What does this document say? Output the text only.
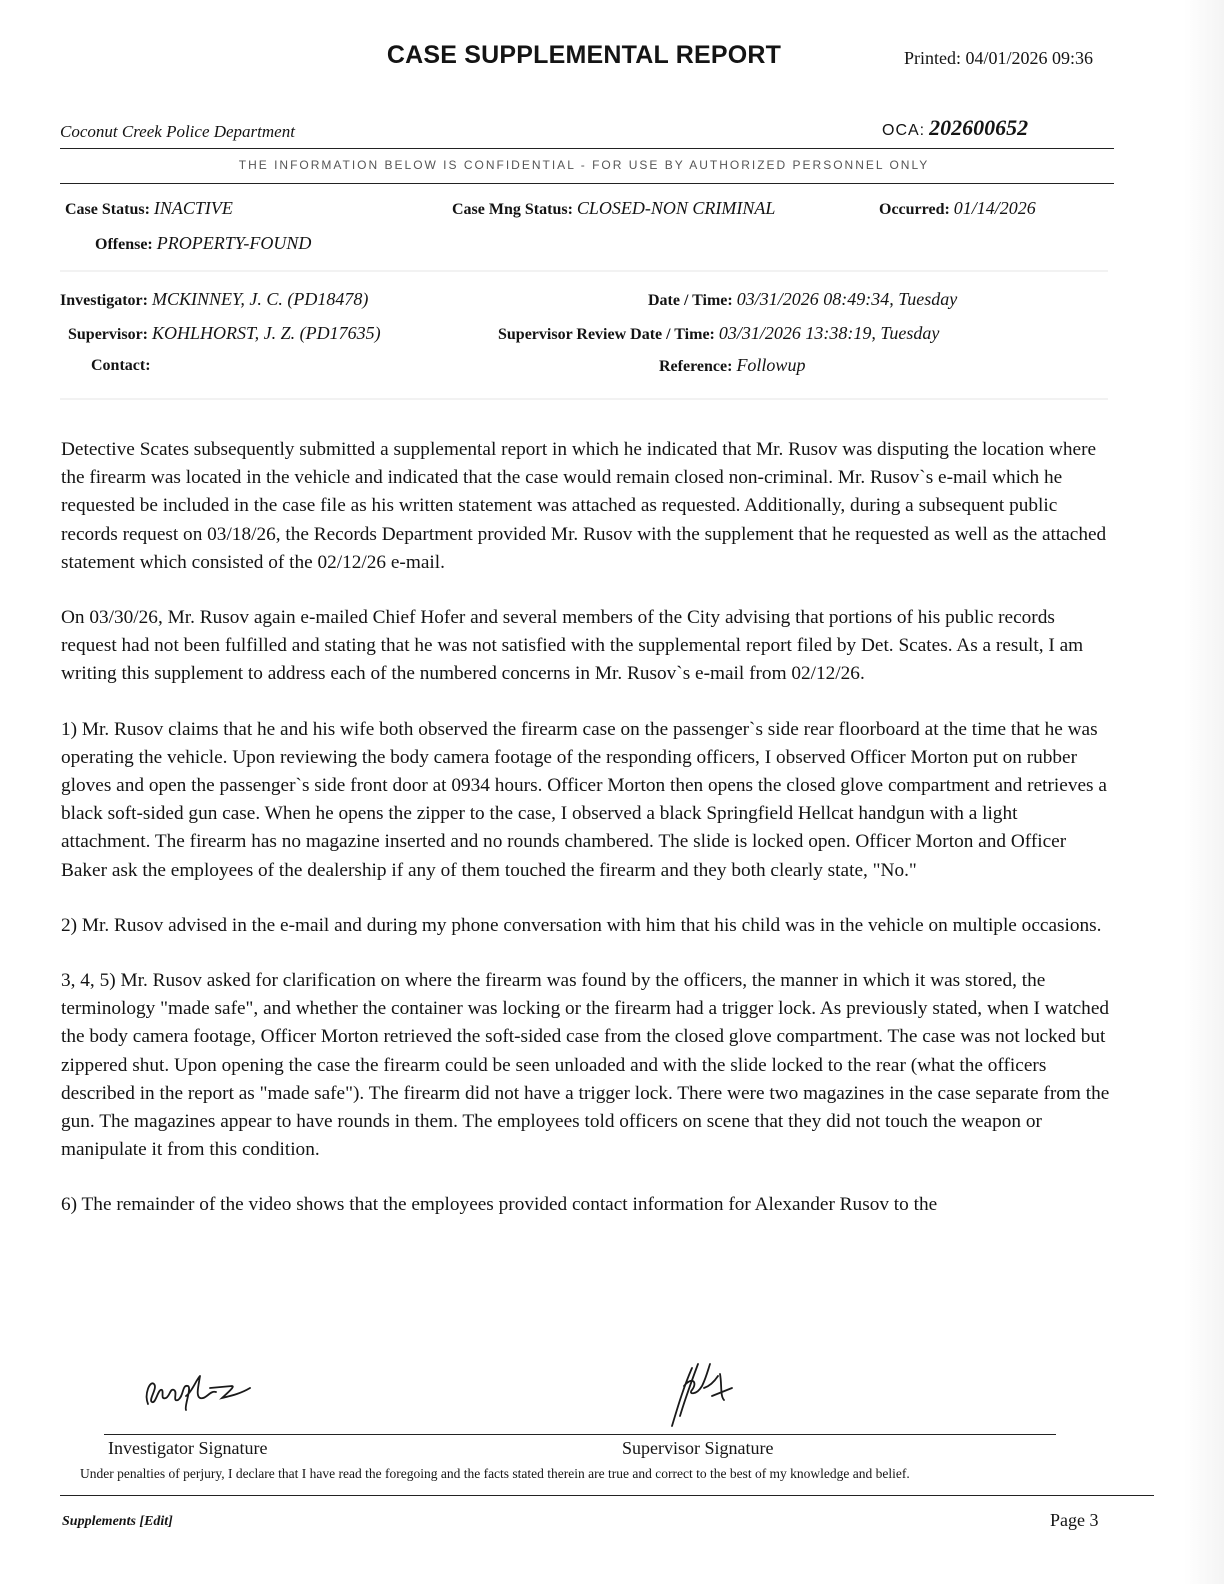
CASE SUPPLEMENTAL REPORT	Printed: 04/01/2026 09:36
Coconut Creek Police Department	OCA: 202600652
THE INFORMATION BELOW IS CONFIDENTIAL - FOR USE BY AUTHORIZED PERSONNEL ONLY
Case Status: INACTIVE	Case Mng Status: CLOSED-NON CRIMINAL	Occurred: 01/14/2026
Offense: PROPERTY-FOUND
Investigator: MCKINNEY, J. C. (PD18478)	Date / Time: 03/31/2026 08:49:34, Tuesday
Supervisor: KOHLHORST, J. Z. (PD17635)	Supervisor Review Date / Time: 03/31/2026 13:38:19, Tuesday
Contact:	Reference: Followup

Detective Scates subsequently submitted a supplemental report in which he indicated that Mr. Rusov was disputing the location where the firearm was located in the vehicle and indicated that the case would remain closed non-criminal. Mr. Rusov`s e-mail which he requested be included in the case file as his written statement was attached as requested. Additionally, during a subsequent public records request on 03/18/26, the Records Department provided Mr. Rusov with the supplement that he requested as well as the attached statement which consisted of the 02/12/26 e-mail.

On 03/30/26, Mr. Rusov again e-mailed Chief Hofer and several members of the City advising that portions of his public records request had not been fulfilled and stating that he was not satisfied with the supplemental report filed by Det. Scates. As a result, I am writing this supplement to address each of the numbered concerns in Mr. Rusov`s e-mail from 02/12/26.

1) Mr. Rusov claims that he and his wife both observed the firearm case on the passenger`s side rear floorboard at the time that he was operating the vehicle. Upon reviewing the body camera footage of the responding officers, I observed Officer Morton put on rubber gloves and open the passenger`s side front door at 0934 hours. Officer Morton then opens the closed glove compartment and retrieves a black soft-sided gun case. When he opens the zipper to the case, I observed a black Springfield Hellcat handgun with a light attachment. The firearm has no magazine inserted and no rounds chambered. The slide is locked open. Officer Morton and Officer Baker ask the employees of the dealership if any of them touched the firearm and they both clearly state, "No."

2) Mr. Rusov advised in the e-mail and during my phone conversation with him that his child was in the vehicle on multiple occasions.

3, 4, 5) Mr. Rusov asked for clarification on where the firearm was found by the officers, the manner in which it was stored, the terminology "made safe", and whether the container was locking or the firearm had a trigger lock. As previously stated, when I watched the body camera footage, Officer Morton retrieved the soft-sided case from the closed glove compartment. The case was not locked but zippered shut. Upon opening the case the firearm could be seen unloaded and with the slide locked to the rear (what the officers described in the report as "made safe"). The firearm did not have a trigger lock. There were two magazines in the case separate from the gun. The magazines appear to have rounds in them. The employees told officers on scene that they did not touch the weapon or manipulate it from this condition.

6) The remainder of the video shows that the employees provided contact information for Alexander Rusov to the

Investigator Signature	Supervisor Signature
Under penalties of perjury, I declare that I have read the foregoing and the facts stated therein are true and correct to the best of my knowledge and belief.
Supplements [Edit]	Page 3
